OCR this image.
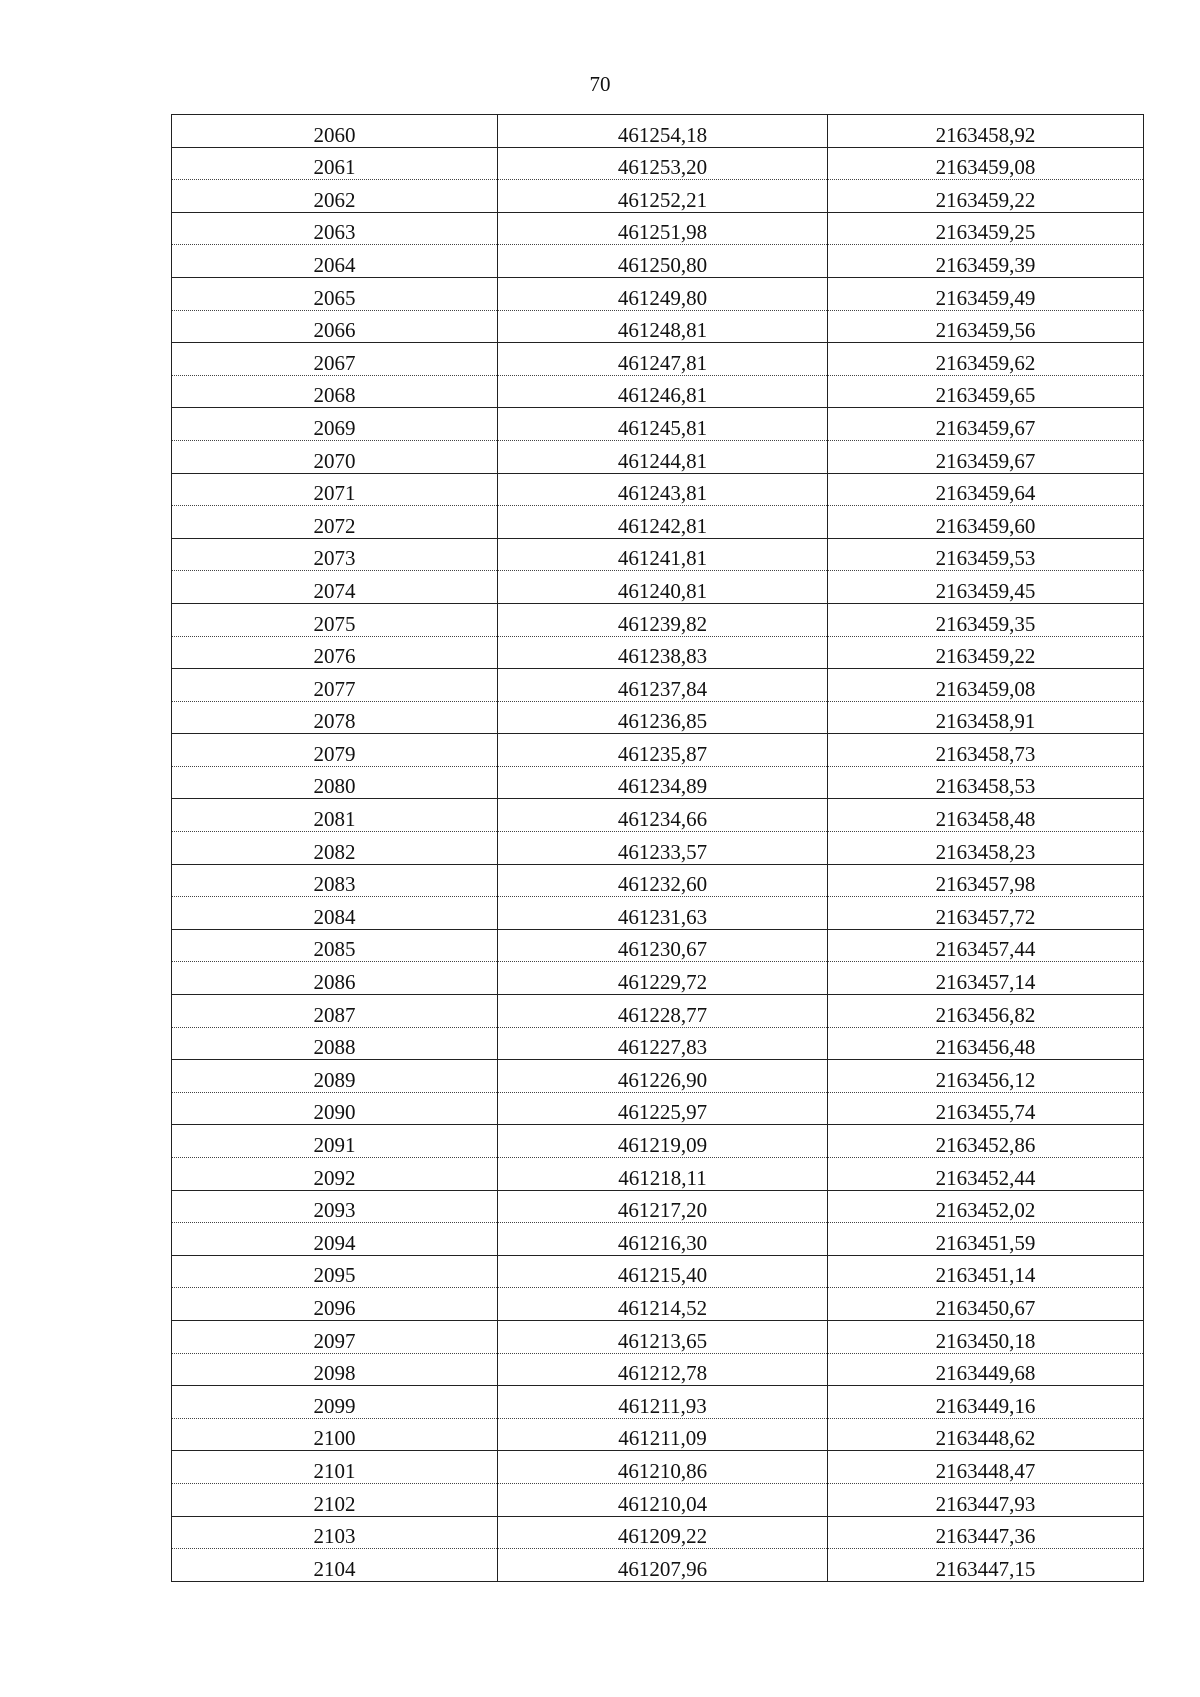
70
2060	461254,18	2163458,92
2061	461253,20	2163459,08
2062	461252,21	2163459,22
2063	461251,98	2163459,25
2064	461250,80	2163459,39
2065	461249,80	2163459,49
2066	461248,81	2163459,56
2067	461247,81	2163459,62
2068	461246,81	2163459,65
2069	461245,81	2163459,67
2070	461244,81	2163459,67
2071	461243,81	2163459,64
2072	461242,81	2163459,60
2073	461241,81	2163459,53
2074	461240,81	2163459,45
2075	461239,82	2163459,35
2076	461238,83	2163459,22
2077	461237,84	2163459,08
2078	461236,85	2163458,91
2079	461235,87	2163458,73
2080	461234,89	2163458,53
2081	461234,66	2163458,48
2082	461233,57	2163458,23
2083	461232,60	2163457,98
2084	461231,63	2163457,72
2085	461230,67	2163457,44
2086	461229,72	2163457,14
2087	461228,77	2163456,82
2088	461227,83	2163456,48
2089	461226,90	2163456,12
2090	461225,97	2163455,74
2091	461219,09	2163452,86
2092	461218,11	2163452,44
2093	461217,20	2163452,02
2094	461216,30	2163451,59
2095	461215,40	2163451,14
2096	461214,52	2163450,67
2097	461213,65	2163450,18
2098	461212,78	2163449,68
2099	461211,93	2163449,16
2100	461211,09	2163448,62
2101	461210,86	2163448,47
2102	461210,04	2163447,93
2103	461209,22	2163447,36
2104	461207,96	2163447,15
